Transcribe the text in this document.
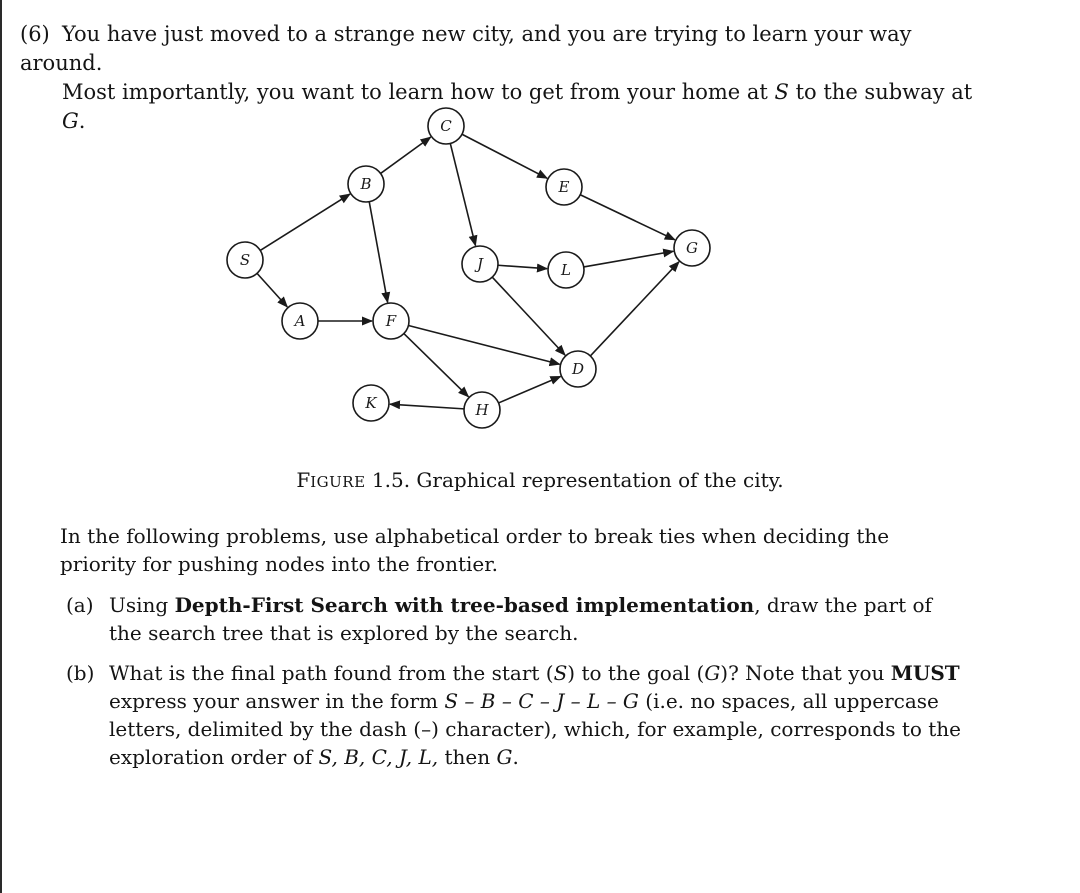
(6) You have just moved to a strange new city, and you are trying to learn your way around.
Most importantly, you want to learn how to get from your home at S to the subway at G.
S
A
B
C
E
F
J	L
G
K	H
D

FIGURE 1.5. Graphical representation of the city.

In the following problems, use alphabetical order to break ties when deciding the priority for pushing nodes into the frontier.

(a) Using Depth-First Search with tree-based implementation, draw the part of the search tree that is explored by the search.
(b) What is the final path found from the start (S) to the goal (G)? Note that you MUST express your answer in the form S – B – C – J – L – G (i.e. no spaces, all uppercase letters, delimited by the dash (–) character), which, for example, corresponds to the exploration order of S, B, C, J, L, then G.
